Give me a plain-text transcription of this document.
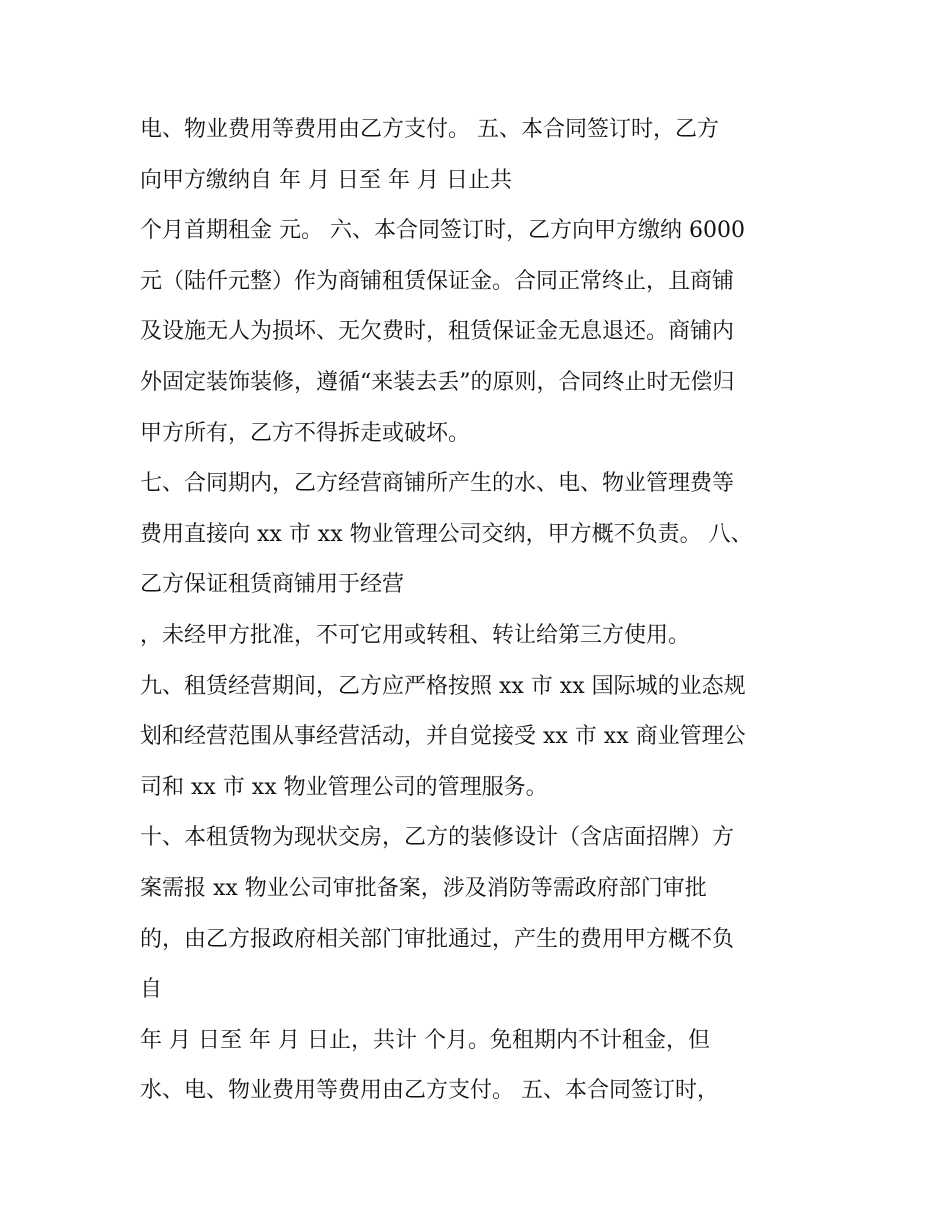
电、物业费用等费用由乙方支付。 五、本合同签订时，乙方
向甲方缴纳自 年 月 日至 年 月 日止共
个月首期租金 元。 六、本合同签订时，乙方向甲方缴纳 6000
元（陆仟元整）作为商铺租赁保证金。合同正常终止，且商铺
及设施无人为损坏、无欠费时，租赁保证金无息退还。商铺内
外固定装饰装修，遵循“来装去丢”的原则，合同终止时无偿归
甲方所有，乙方不得拆走或破坏。
七、合同期内，乙方经营商铺所产生的水、电、物业管理费等
费用直接向 xx 市 xx 物业管理公司交纳，甲方概不负责。 八、
乙方保证租赁商铺用于经营
，未经甲方批准，不可它用或转租、转让给第三方使用。
九、租赁经营期间，乙方应严格按照 xx 市 xx 国际城的业态规
划和经营范围从事经营活动，并自觉接受 xx 市 xx 商业管理公
司和 xx 市 xx 物业管理公司的管理服务。
十、本租赁物为现状交房，乙方的装修设计（含店面招牌）方
案需报 xx 物业公司审批备案，涉及消防等需政府部门审批
的，由乙方报政府相关部门审批通过，产生的费用甲方概不负
自
年 月 日至 年 月 日止，共计 个月。免租期内不计租金，但
水、电、物业费用等费用由乙方支付。 五、本合同签订时，
